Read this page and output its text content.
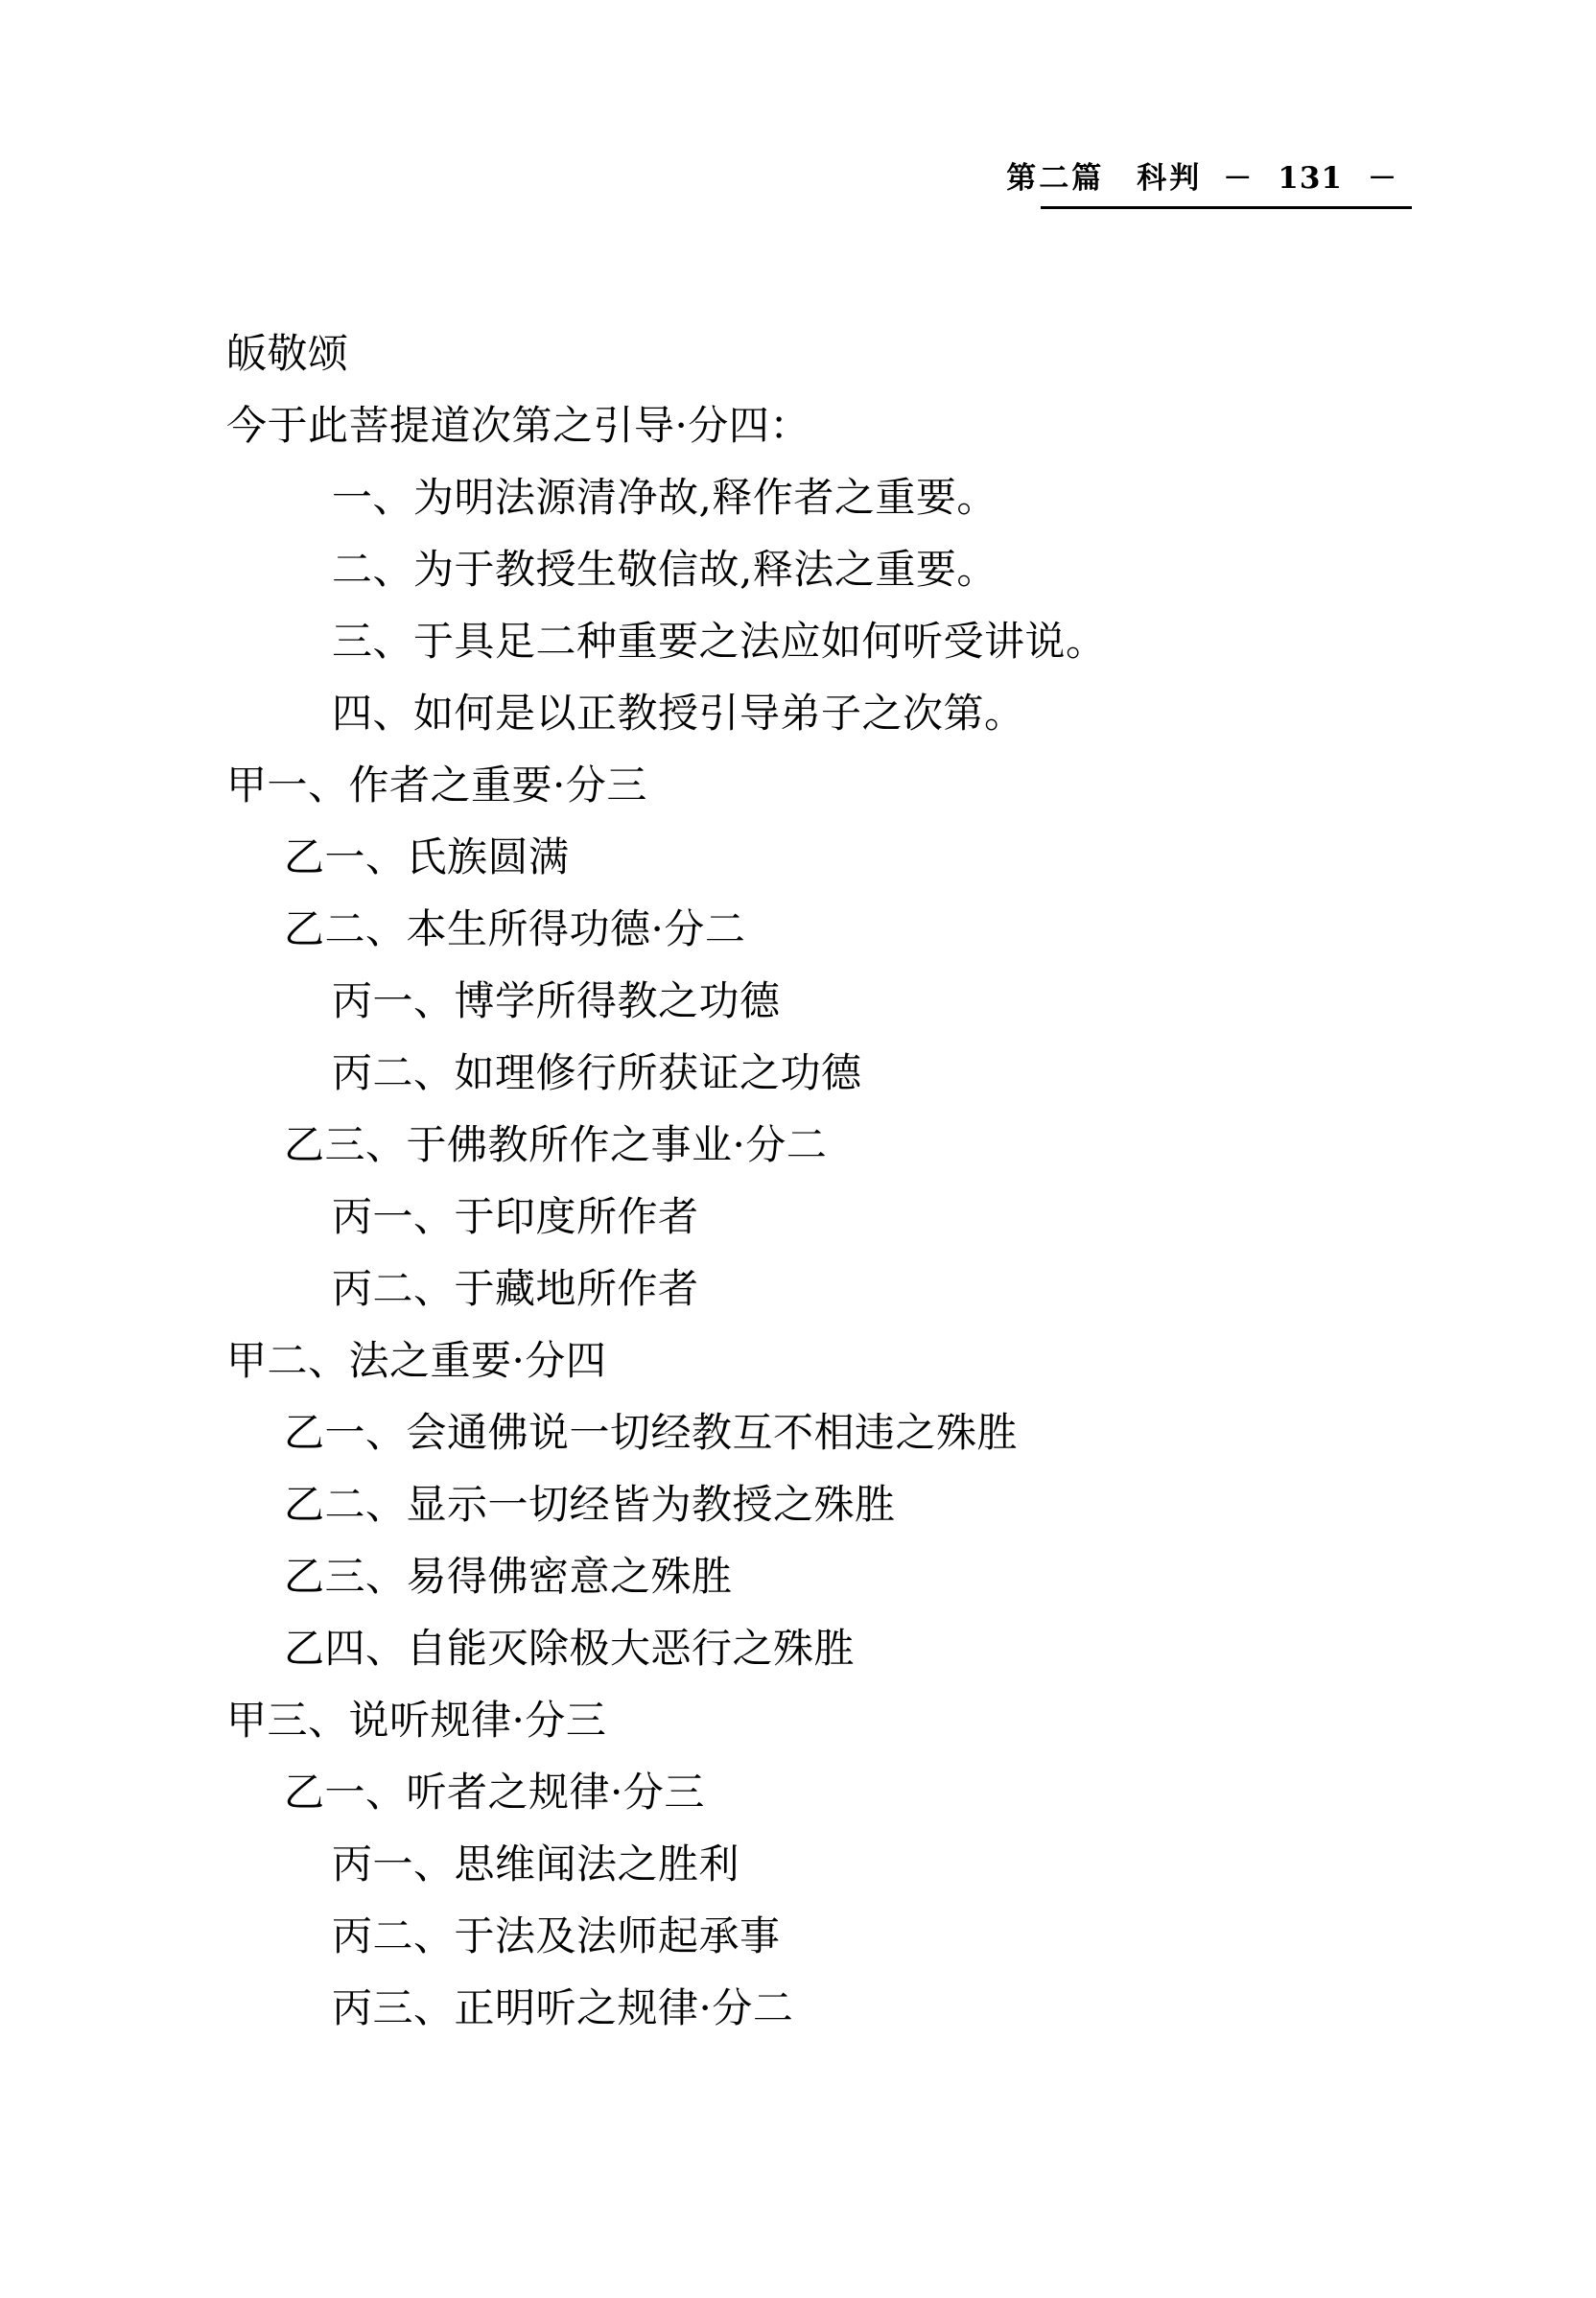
第二篇　科判 － 131 －
皈敬颂
今于此菩提道次第之引导·分四：
一、为明法源清净故,释作者之重要。
二、为于教授生敬信故,释法之重要。
三、于具足二种重要之法应如何听受讲说。
四、如何是以正教授引导弟子之次第。
甲一、作者之重要·分三
乙一、氏族圆满
乙二、本生所得功德·分二
丙一、博学所得教之功德
丙二、如理修行所获证之功德
乙三、于佛教所作之事业·分二
丙一、于印度所作者
丙二、于藏地所作者
甲二、法之重要·分四
乙一、会通佛说一切经教互不相违之殊胜
乙二、显示一切经皆为教授之殊胜
乙三、易得佛密意之殊胜
乙四、自能灭除极大恶行之殊胜
甲三、说听规律·分三
乙一、听者之规律·分三
丙一、思维闻法之胜利
丙二、于法及法师起承事
丙三、正明听之规律·分二
